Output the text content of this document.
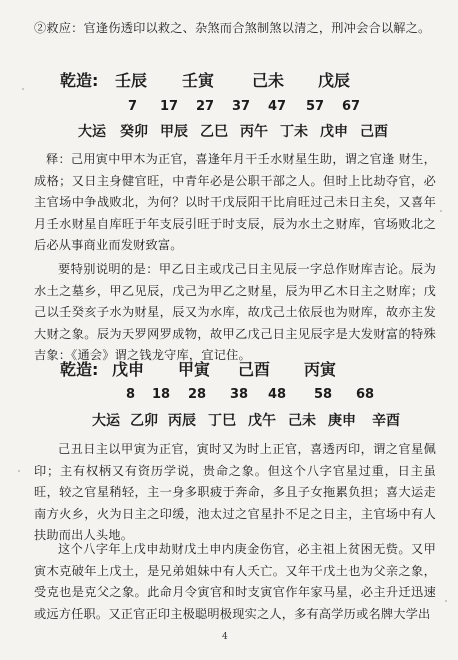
②救应：官逢伤透印以救之、杂煞而合煞制煞以清之，刑冲会合以解之。
乾造: 壬辰 壬寅 己未 戊辰
7 17 27 37 47 57 67
大运 癸卯 甲辰 乙巳 丙午 丁未 戊申 己酉
释：己用寅中甲木为正官，喜逢年月干壬水财星生助，谓之官逢 财生，成格；又日主身健官旺，中青年必是公职干部之人。但时上比劫夺官，必主官场中争战败北，为何？以时干戊辰阳干比肩旺过己未日主矣，又喜年月壬水财星自库旺于年支辰引旺于时支辰，辰为水土之财库，官场败北之后必从事商业而发财致富。
要特别说明的是：甲乙日主或戊己日主见辰一字总作财库吉论。辰为水土之墓乡，甲乙见辰，戊己为甲乙之财星，辰为甲乙木日主之财库；戊己以壬癸亥子水为财星，辰又为水库，故戊己土依辰也为财库，故亦主发大财之象。辰为天罗网罗成物，故甲乙戊己日主见辰字是大发财富的特殊吉象：《通会》谓之钱龙守库，宜记住。
乾造: 戊申 甲寅 己酉 丙寅
8 18 28 38 48 58 68
大运 乙卯 丙辰 丁巳 戊午 己未 庚申 辛酉
己丑日主以甲寅为正官，寅时又为时上正官，喜透丙印，谓之官星佩印；主有权柄又有资历学说，贵命之象。但这个八字官星过重，日主虽旺，较之官星稍轻，主一身多职疲于奔命，多且子女拖累负担；喜大运走南方火乡，火为日主之印缓，池太过之官星扑不足之日主，主官场中有人扶助而出人头地。
这个八字年上戊申劫财戊土申内庚金伤官，必主祖上贫困无赀。又甲寅木克破年上戊土，是兄弟姐妹中有人夭亡。又年干戊土也为父亲之象，受克也是克父之象。此命月令寅官和时支寅官作年家马星，必主升迁迅速或远方任职。又正官正印主极聪明极现实之人，多有高学历或名牌大学出
4
